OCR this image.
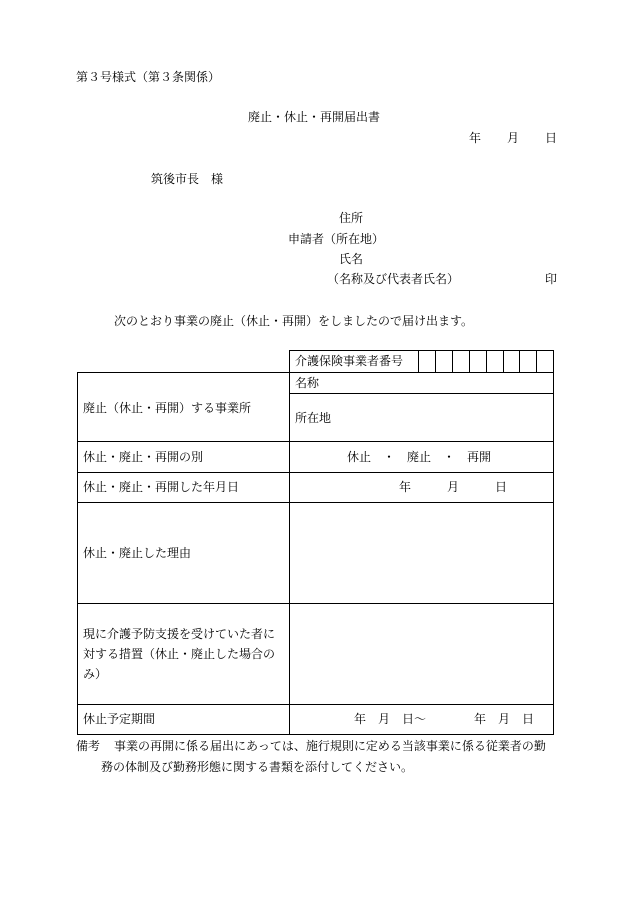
第３号様式（第３条関係）
廃止・休止・再開届出書
年 月 日
筑後市長　様
住所
申請者（所在地）
氏名
（名称及び代表者氏名）	印
次のとおり事業の廃止（休止・再開）をしましたので届け出ます。
介護保険事業者番号
廃止（休止・再開）する事業所
名称
所在地
休止・廃止・再開の別	休止　・　廃止　・　再開
休止・廃止・再開した年月日	年　　　月　　　日
休止・廃止した理由
現に介護予防支援を受けていた者に
対する措置（休止・廃止した場合の
み）
休止予定期間	年　月　日～　　　　年　月　日
備考 事業の再開に係る届出にあっては、施行規則に定める当該事業に係る従業者の勤
務の体制及び勤務形態に関する書類を添付してください。
